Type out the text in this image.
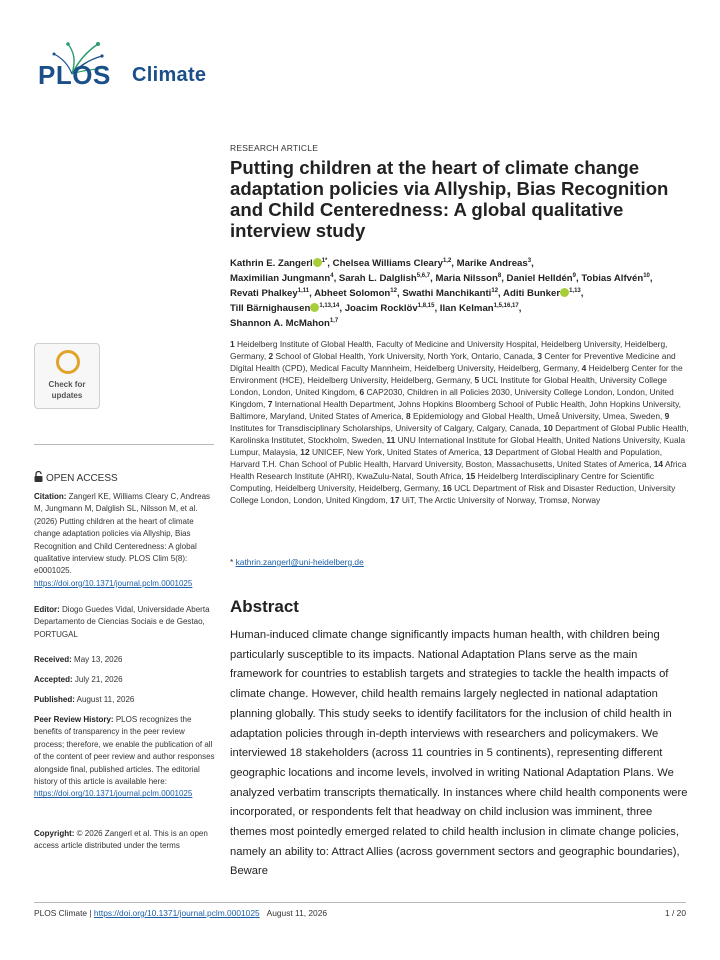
PLOS Climate
Check for
updates
OPEN ACCESS
Citation: Zangerl KE, Williams Cleary C, Andreas M, Jungmann M, Dalglish SL, Nilsson M, et al. (2026) Putting children at the heart of climate change adaptation policies via Allyship, Bias Recognition and Child Centeredness: A global qualitative interview study. PLOS Clim 5(8): e0001025. https://doi.org/10.1371/journal.pclm.0001025
Editor: Diogo Guedes Vidal, Universidade Aberta Departamento de Ciencias Sociais e de Gestao, PORTUGAL
Received: May 13, 2026
Accepted: July 21, 2026
Published: August 11, 2026
Peer Review History: PLOS recognizes the benefits of transparency in the peer review process; therefore, we enable the publication of all of the content of peer review and author responses alongside final, published articles. The editorial history of this article is available here: https://doi.org/10.1371/journal.pclm.0001025
Copyright: © 2026 Zangerl et al. This is an open access article distributed under the terms
RESEARCH ARTICLE
Putting children at the heart of climate change adaptation policies via Allyship, Bias Recognition and Child Centeredness: A global qualitative interview study
Kathrin E. Zangerl $^{1*}$, Chelsea Williams Cleary$^{1,2}$, Marike Andreas$^3$,
Maximilian Jungmann$^4$, Sarah L. Dalglish$^{5,6,7}$, Maria Nilsson$^8$, Daniel Helldén$^9$, Tobias Alfvén$^{10}$,
Revati Phalkey$^{1,11}$, Abheet Solomon$^{12}$, Swathi Manchikanti$^{12}$, Aditi Bunker $^{1,13}$,
Till Bärnighausen $^{1,13,14}$, Joacim Rocklöv$^{1,8,15}$, Ilan Kelman$^{1,5,16,17}$,
Shannon A. McMahon$^{1,7}$
1 Heidelberg Institute of Global Health, Faculty of Medicine and University Hospital, Heidelberg University, Heidelberg, Germany, 2 School of Global Health, York University, North York, Ontario, Canada, 3 Center for Preventive Medicine and Digital Health (CPD), Medical Faculty Mannheim, Heidelberg University, Heidelberg, Germany, 4 Heidelberg Center for the Environment (HCE), Heidelberg University, Heidelberg, Germany, 5 UCL Institute for Global Health, University College London, London, United Kingdom, 6 CAP2030, Children in all Policies 2030, University College London, London, United Kingdom, 7 International Health Department, Johns Hopkins Bloomberg School of Public Health, John Hopkins University, Baltimore, Maryland, United States of America, 8 Epidemiology and Global Health, Umeå University, Umea, Sweden, 9 Institutes for Transdisciplinary Scholarships, University of Calgary, Calgary, Canada, 10 Department of Global Public Health, Karolinska Institutet, Stockholm, Sweden, 11 UNU International Institute for Global Health, United Nations University, Kuala Lumpur, Malaysia, 12 UNICEF, New York, United States of America, 13 Department of Global Health and Population, Harvard T.H. Chan School of Public Health, Harvard University, Boston, Massachusetts, United States of America, 14 Africa Health Research Institute (AHRI), KwaZulu-Natal, South Africa, 15 Heidelberg Interdisciplinary Centre for Scientific Computing, Heidelberg University, Heidelberg, Germany, 16 UCL Department of Risk and Disaster Reduction, University College London, London, United Kingdom, 17 UiT, The Arctic University of Norway, Tromsø, Norway
* kathrin.zangerl@uni-heidelberg.de
Abstract

Human-induced climate change significantly impacts human health, with children being particularly susceptible to its impacts. National Adaptation Plans serve as the main framework for countries to establish targets and strategies to tackle the health impacts of climate change. However, child health remains largely neglected in national adaptation planning globally. This study seeks to identify facilitators for the inclusion of child health in adaptation policies through in-depth interviews with researchers and policymakers. We interviewed 18 stakeholders (across 11 countries in 5 continents), representing different geographic locations and income levels, involved in writing National Adaptation Plans. We analyzed verbatim transcripts thematically. In instances where child health components were incorporated, or respondents felt that headway on child inclusion was imminent, three themes most pointedly emerged related to child health inclusion in climate change policies, namely an ability to: Attract Allies (across government sectors and geographic boundaries), Beware

PLOS Climate | https://doi.org/10.1371/journal.pclm.0001025 August 11, 2026	1 / 20
